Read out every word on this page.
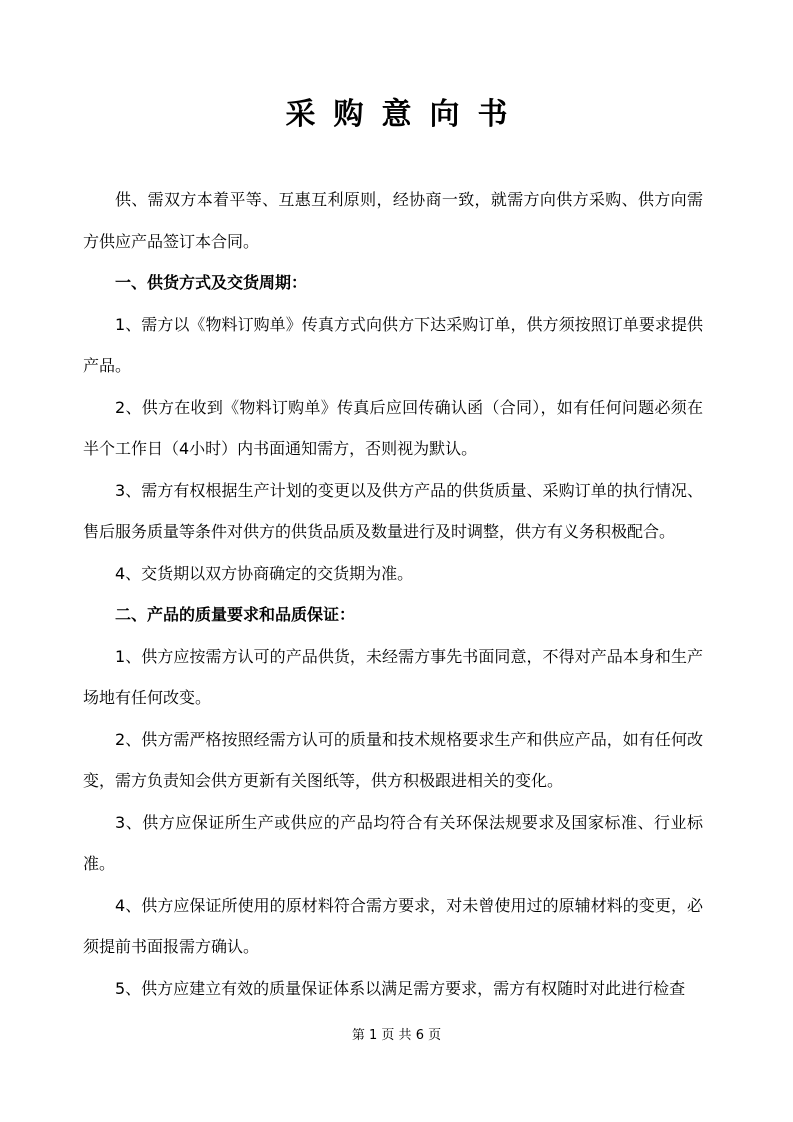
采购意向书

供、需双方本着平等、互惠互利原则，经协商一致，就需方向供方采购、供方向需方供应产品签订本合同。

一、供货方式及交货周期：

1、需方以《物料订购单》传真方式向供方下达采购订单，供方须按照订单要求提供产品。

2、供方在收到《物料订购单》传真后应回传确认函（合同），如有任何问题必须在半个工作日（4小时）内书面通知需方，否则视为默认。

3、需方有权根据生产计划的变更以及供方产品的供货质量、采购订单的执行情况、售后服务质量等条件对供方的供货品质及数量进行及时调整，供方有义务积极配合。

4、交货期以双方协商确定的交货期为准。

二、产品的质量要求和品质保证：

1、供方应按需方认可的产品供货，未经需方事先书面同意，不得对产品本身和生产场地有任何改变。

2、供方需严格按照经需方认可的质量和技术规格要求生产和供应产品，如有任何改变，需方负责知会供方更新有关图纸等，供方积极跟进相关的变化。

3、供方应保证所生产或供应的产品均符合有关环保法规要求及国家标准、行业标准。

4、供方应保证所使用的原材料符合需方要求，对未曾使用过的原辅材料的变更，必须提前书面报需方确认。

5、供方应建立有效的质量保证体系以满足需方要求，需方有权随时对此进行检查

第 1 页 共 6 页
